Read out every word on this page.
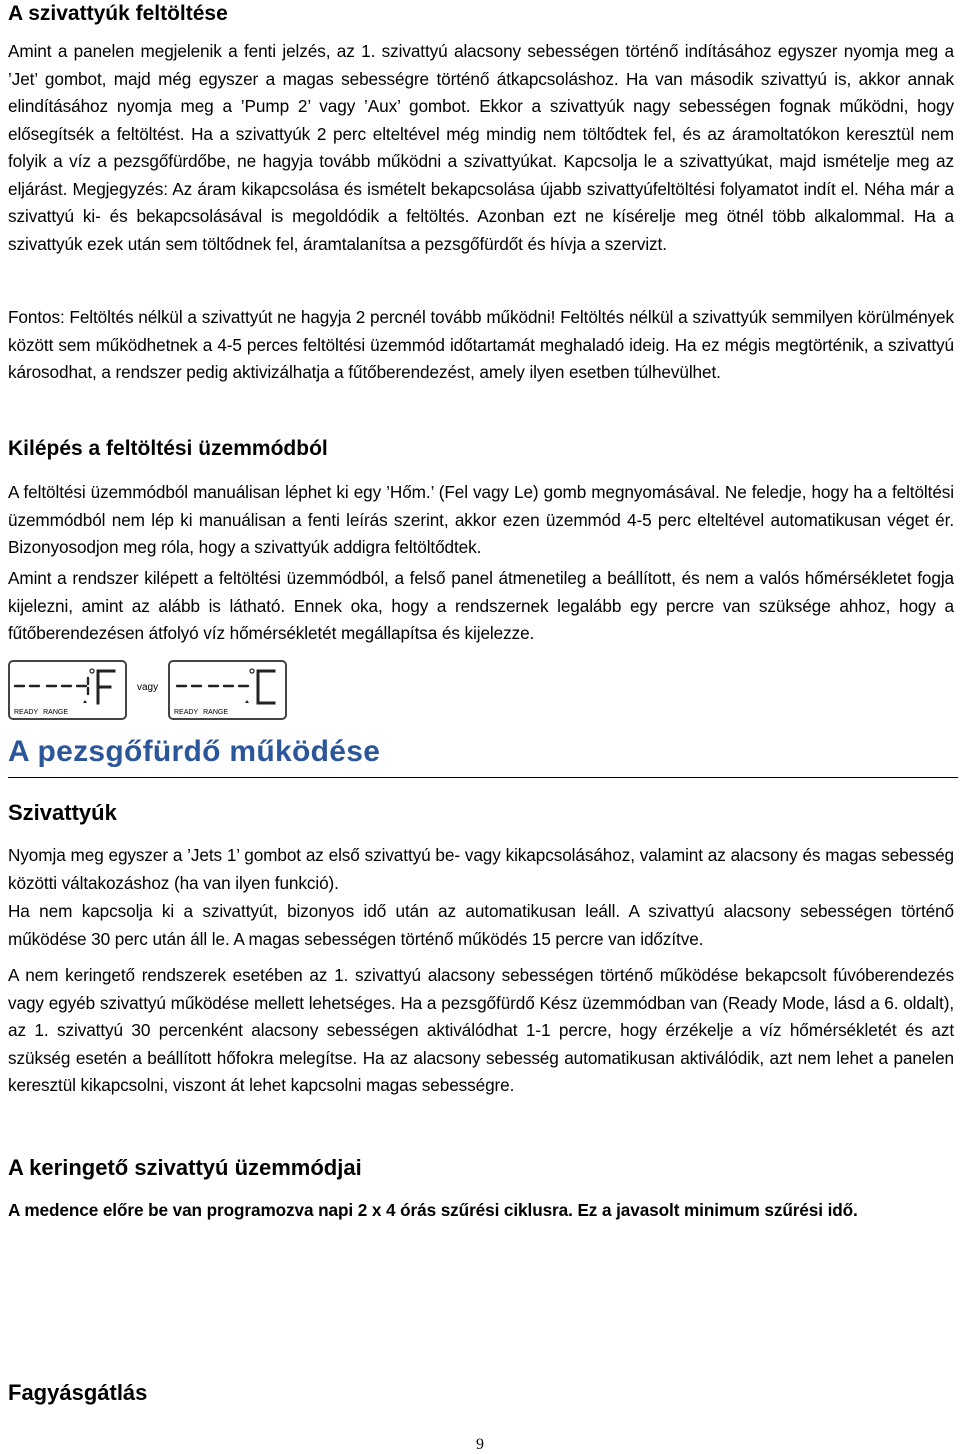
A szivattyúk feltöltése

Amint a panelen megjelenik a fenti jelzés, az 1. szivattyú alacsony sebességen történő indításához egyszer nyomja meg a ’Jet’ gombot, majd még egyszer a magas sebességre történő átkapcsoláshoz. Ha van második szivattyú is, akkor annak elindításához nyomja meg a ’Pump 2’ vagy ’Aux’ gombot. Ekkor a szivattyúk nagy sebességen fognak működni, hogy elősegítsék a feltöltést. Ha a szivattyúk 2 perc elteltével még mindig nem töltődtek fel, és az áramoltatókon keresztül nem folyik a víz a pezsgőfürdőbe, ne hagyja tovább működni a szivattyúkat. Kapcsolja le a szivattyúkat, majd ismételje meg az eljárást. Megjegyzés: Az áram kikapcsolása és ismételt bekapcsolása újabb szivattyúfeltöltési folyamatot indít el. Néha már a szivattyú ki- és bekapcsolásával is megoldódik a feltöltés. Azonban ezt ne kísérelje meg ötnél több alkalommal. Ha a szivattyúk ezek után sem töltődnek fel, áramtalanítsa a pezsgőfürdőt és hívja a szervizt.

Fontos: Feltöltés nélkül a szivattyút ne hagyja 2 percnél tovább működni! Feltöltés nélkül a szivattyúk semmilyen körülmények között sem működhetnek a 4-5 perces feltöltési üzemmód időtartamát meghaladó ideig. Ha ez mégis megtörténik, a szivattyú károsodhat, a rendszer pedig aktivizálhatja a fűtőberendezést, amely ilyen esetben túlhevülhet.

Kilépés a feltöltési üzemmódból

A feltöltési üzemmódból manuálisan léphet ki egy ’Hőm.’ (Fel vagy Le) gomb megnyomásával. Ne feledje, hogy ha a feltöltési üzemmódból nem lép ki manuálisan a fenti leírás szerint, akkor ezen üzemmód 4-5 perc elteltével automatikusan véget ér. Bizonyosodjon meg róla, hogy a szivattyúk addigra feltöltődtek.

Amint a rendszer kilépett a feltöltési üzemmódból, a felső panel átmenetileg a beállított, és nem a valós hőmérsékletet fogja kijelezni, amint az alább is látható. Ennek oka, hogy a rendszernek legalább egy percre van szüksége ahhoz, hogy a fűtőberendezésen átfolyó víz hőmérsékletét megállapítsa és kijelezze.

READY RANGE
vagy
READY RANGE
A pezsgőfürdő működése
Szivattyúk

Nyomja meg egyszer a ’Jets 1’ gombot az első szivattyú be- vagy kikapcsolásához, valamint az alacsony és magas sebesség közötti váltakozáshoz (ha van ilyen funkció).

Ha nem kapcsolja ki a szivattyút, bizonyos idő után az automatikusan leáll. A szivattyú alacsony sebességen történő működése 30 perc után áll le. A magas sebességen történő működés 15 percre van időzítve.

A nem keringető rendszerek esetében az 1. szivattyú alacsony sebességen történő működése bekapcsolt fúvóberendezés vagy egyéb szivattyú működése mellett lehetséges. Ha a pezsgőfürdő Kész üzemmódban van (Ready Mode, lásd a 6. oldalt), az 1. szivattyú 30 percenként alacsony sebességen aktiválódhat 1-1 percre, hogy érzékelje a víz hőmérsékletét és azt szükség esetén a beállított hőfokra melegítse. Ha az alacsony sebesség automatikusan aktiválódik, azt nem lehet a panelen keresztül kikapcsolni, viszont át lehet kapcsolni magas sebességre.

A keringető szivattyú üzemmódjai

A medence előre be van programozva napi 2 x 4 órás szűrési ciklusra. Ez a javasolt minimum szűrési idő.

Fagyásgátlás
9
